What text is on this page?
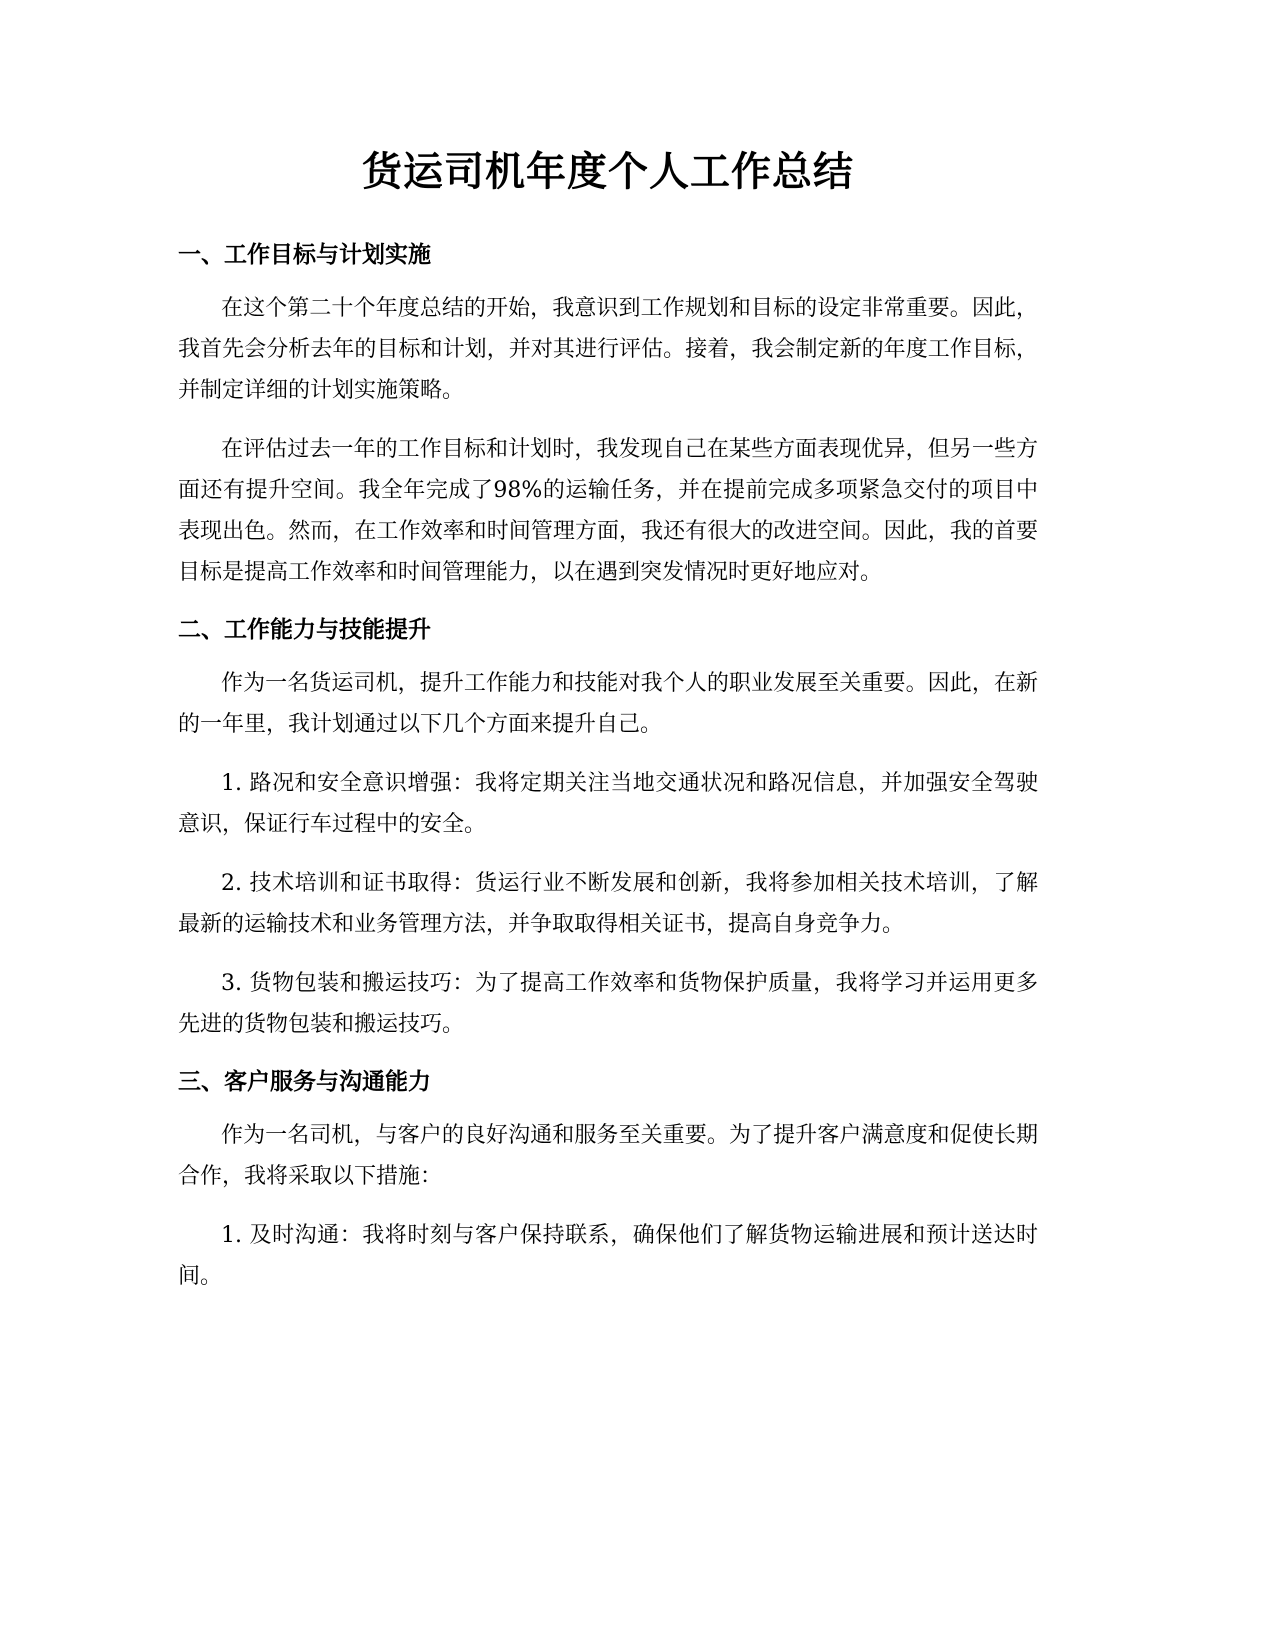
货运司机年度个人工作总结
一、工作目标与计划实施

在这个第二十个年度总结的开始，我意识到工作规划和目标的设定非常重要。因此，我首先会分析去年的目标和计划，并对其进行评估。接着，我会制定新的年度工作目标，并制定详细的计划实施策略。

在评估过去一年的工作目标和计划时，我发现自己在某些方面表现优异，但另一些方面还有提升空间。我全年完成了98%的运输任务，并在提前完成多项紧急交付的项目中表现出色。然而，在工作效率和时间管理方面，我还有很大的改进空间。因此，我的首要目标是提高工作效率和时间管理能力，以在遇到突发情况时更好地应对。

二、工作能力与技能提升

作为一名货运司机，提升工作能力和技能对我个人的职业发展至关重要。因此，在新的一年里，我计划通过以下几个方面来提升自己。

1. 路况和安全意识增强：我将定期关注当地交通状况和路况信息，并加强安全驾驶意识，保证行车过程中的安全。

2. 技术培训和证书取得：货运行业不断发展和创新，我将参加相关技术培训，了解最新的运输技术和业务管理方法，并争取取得相关证书，提高自身竞争力。

3. 货物包装和搬运技巧：为了提高工作效率和货物保护质量，我将学习并运用更多先进的货物包装和搬运技巧。

三、客户服务与沟通能力

作为一名司机，与客户的良好沟通和服务至关重要。为了提升客户满意度和促使长期合作，我将采取以下措施：

1. 及时沟通：我将时刻与客户保持联系，确保他们了解货物运输进展和预计送达时间。
